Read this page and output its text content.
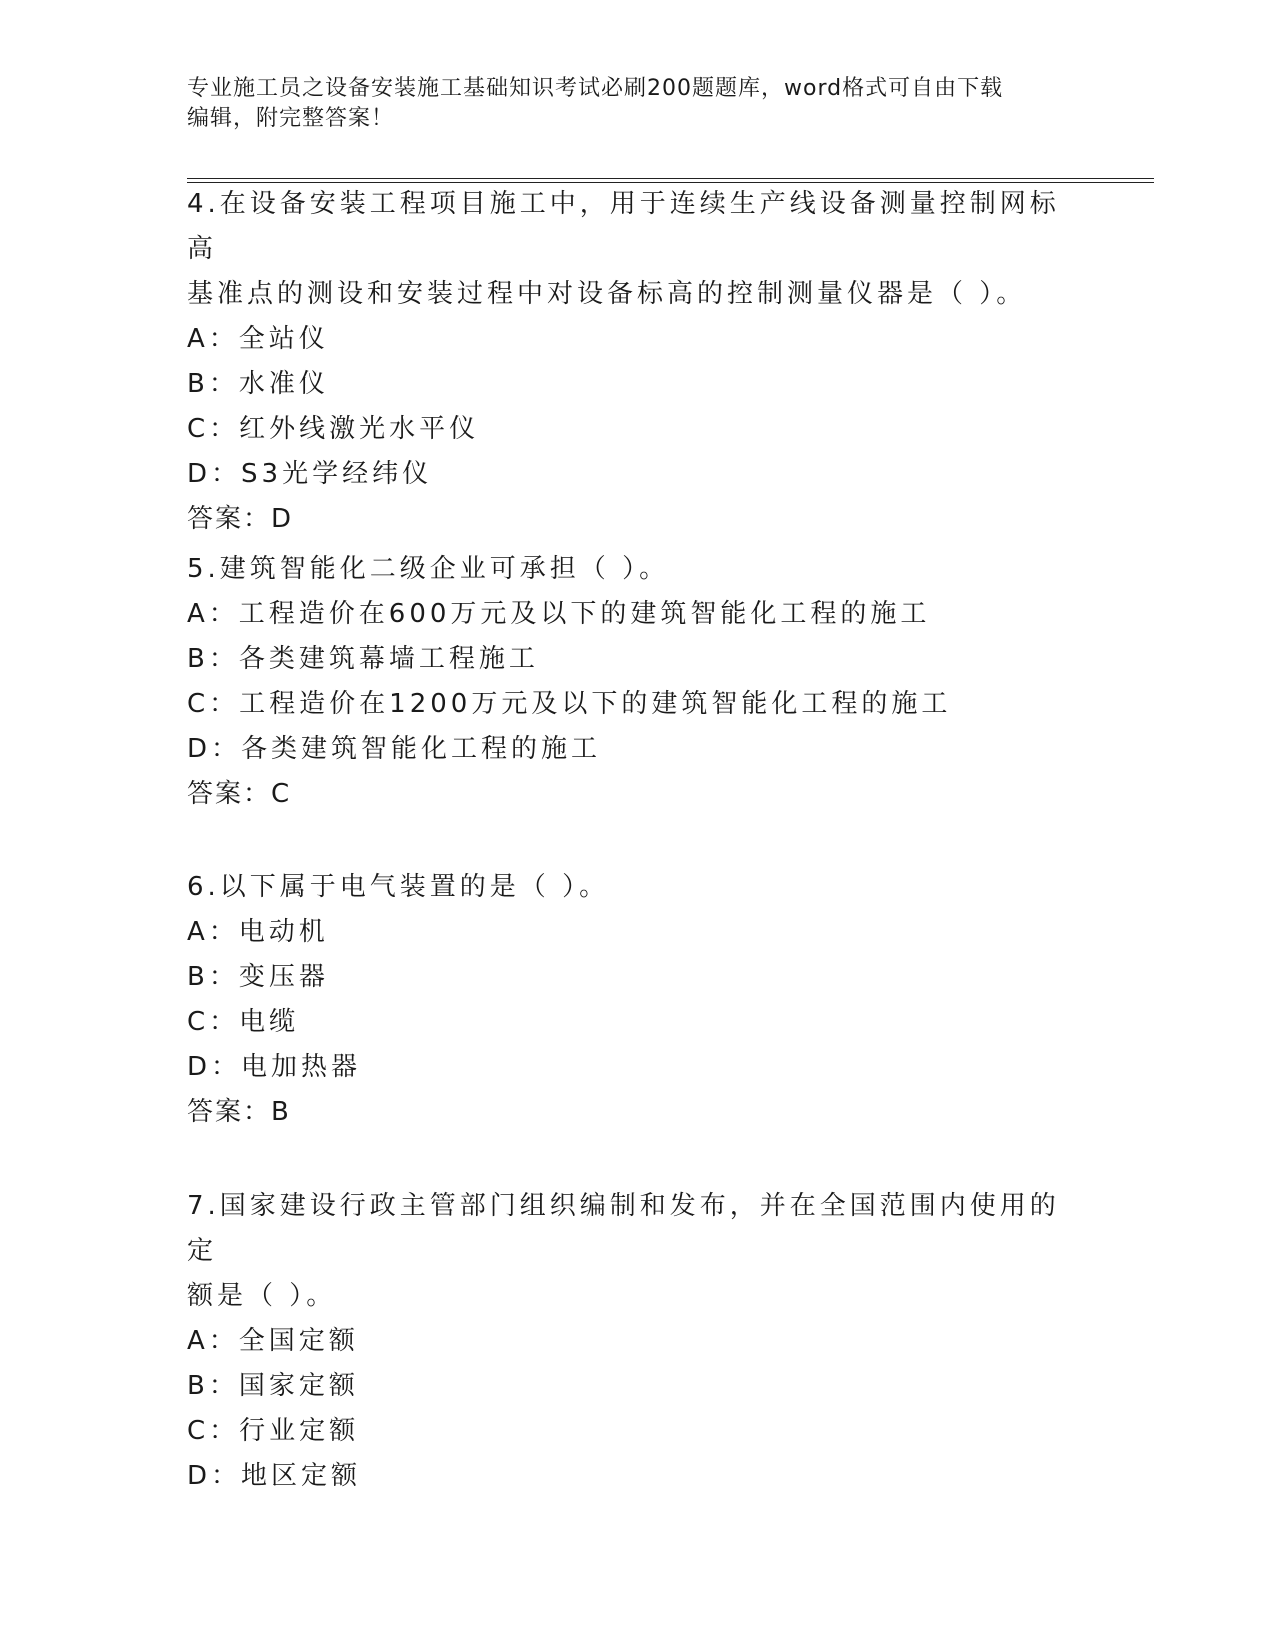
专业施工员之设备安装施工基础知识考试必刷200题题库，word格式可自由下载
编辑，附完整答案！
4.在设备安装工程项目施工中，用于连续生产线设备测量控制网标高
基准点的测设和安装过程中对设备标高的控制测量仪器是（ ）。
A：全站仪
B：水准仪
C：红外线激光水平仪
D：S3光学经纬仪
答案：D
5.建筑智能化二级企业可承担（ ）。
A：工程造价在600万元及以下的建筑智能化工程的施工
B：各类建筑幕墙工程施工
C：工程造价在1200万元及以下的建筑智能化工程的施工
D：各类建筑智能化工程的施工
答案：C
6.以下属于电气装置的是（ ）。
A：电动机
B：变压器
C：电缆
D：电加热器
答案：B
7.国家建设行政主管部门组织编制和发布，并在全国范围内使用的定
额是（ ）。
A：全国定额
B：国家定额
C：行业定额
D：地区定额
